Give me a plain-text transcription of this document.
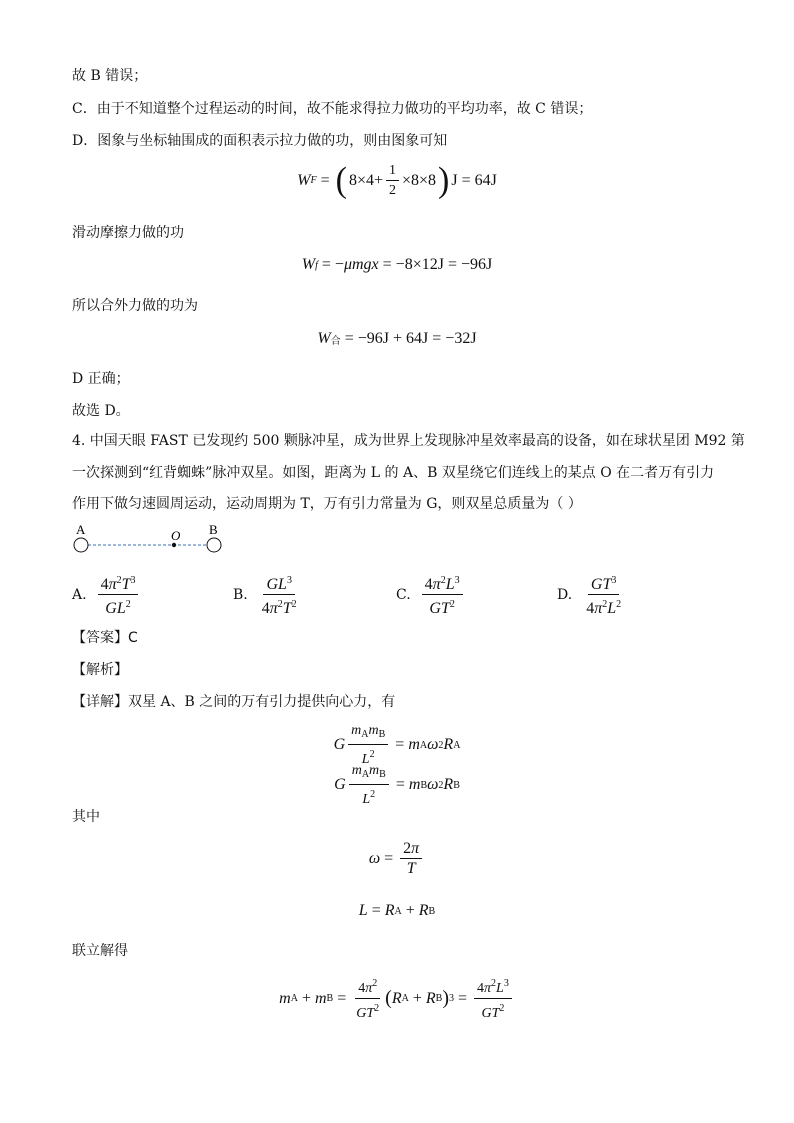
故 B 错误；
C．由于不知道整个过程运动的时间，故不能求得拉力做功的平均功率，故 C 错误；
D．图象与坐标轴围成的面积表示拉力做的功，则由图象可知
W F = ( $8\times 4+ \frac{1}{2} \times 8\times 8$ ) J = 64J
滑动摩擦力做的功
W f = − μmgx = −8×12J = −96J
所以合外力做的功为
W 合 = −96J + 64J = −32J
D 正确；
故选 D。
4. 中国天眼 FAST 已发现约 500 颗脉冲星，成为世界上发现脉冲星效率最高的设备，如在球状星团 M92 第
一次探测到“红背蜘蛛”脉冲双星。如图，距离为 L 的 A、B 双星绕它们连线上的某点 O 在二者万有引力
作用下做匀速圆周运动，运动周期为 T，万有引力常量为 G，则双星总质量为（ ）
A	O B
A. $\frac{4\pi^2T^3}{GL^2}$	B. $\frac{GL^3}{4\pi^2T^2}$	C. $\frac{4\pi^2L^3}{GT^2}$	D. $\frac{GT^3}{4\pi^2L^2}$
【答案】C
【解析】
【详解】双星 A、B 之间的万有引力提供向心力，有
G $\frac{m_Am_B}{L^2} = m$ A ω 2 R A
G $\frac{m_Am_B}{L^2} = m$ B ω 2 R B
其中
$\omega = \frac{2\pi}{T}$
L = R A + R B
联立解得
m A + m $B = \frac{4\pi^2}{GT^2}$ ( R A + R B ) $3 = \frac{4\pi^2L^3}{GT^2}$
